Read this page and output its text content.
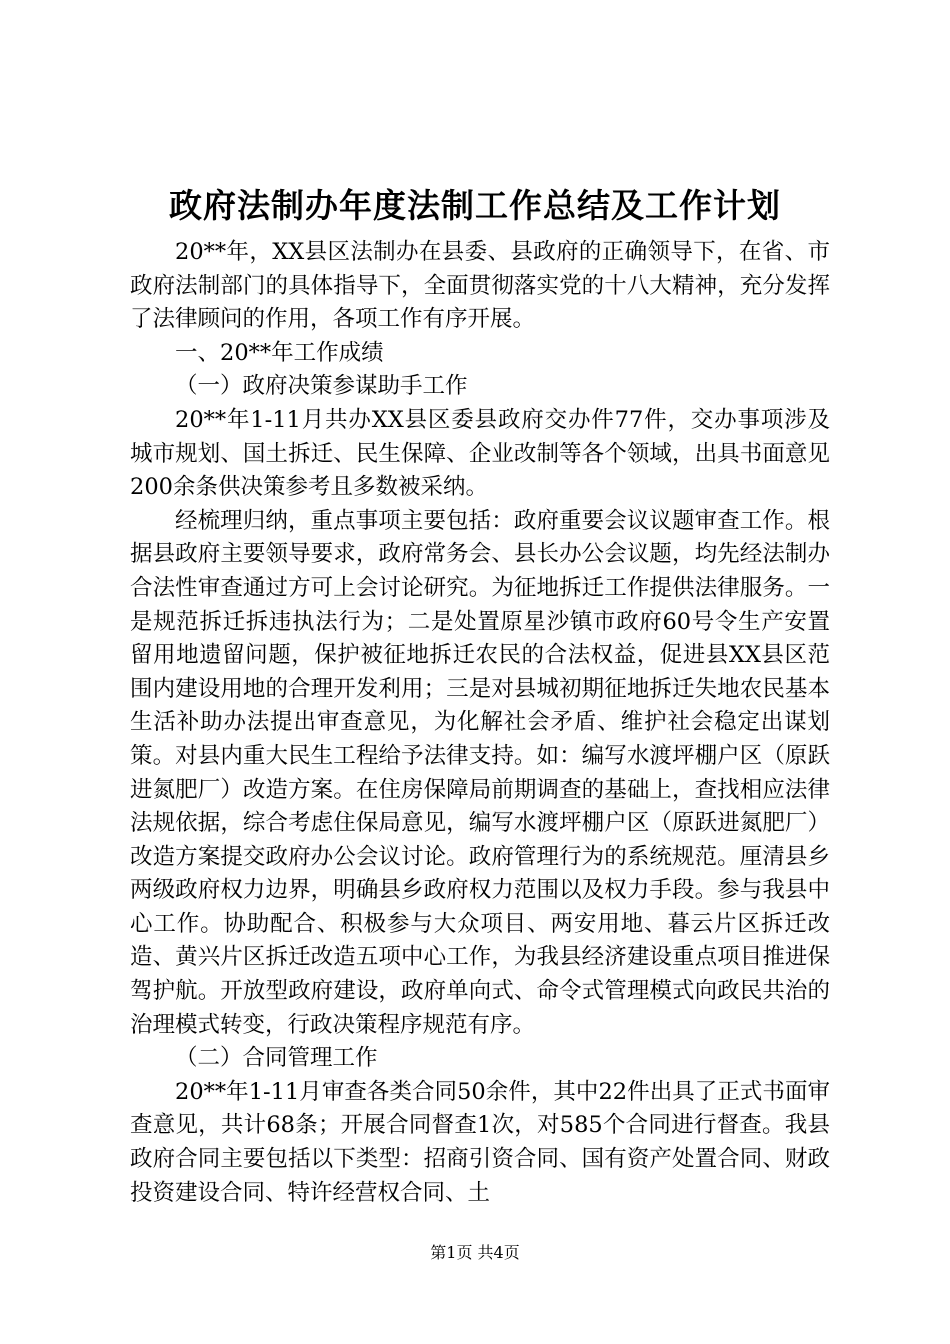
政府法制办年度法制工作总结及工作计划

20**年，XX县区法制办在县委、县政府的正确领导下，在省、市政府法制部门的具体指导下，全面贯彻落实党的十八大精神，充分发挥了法律顾问的作用，各项工作有序开展。

一、20**年工作成绩

（一）政府决策参谋助手工作

20**年1-11月共办XX县区委县政府交办件77件，交办事项涉及城市规划、国土拆迁、民生保障、企业改制等各个领域，出具书面意见200余条供决策参考且多数被采纳。

经梳理归纳，重点事项主要包括：政府重要会议议题审查工作。根据县政府主要领导要求，政府常务会、县长办公会议题，均先经法制办合法性审查通过方可上会讨论研究。为征地拆迁工作提供法律服务。一是规范拆迁拆违执法行为；二是处置原星沙镇市政府60号令生产安置留用地遗留问题，保护被征地拆迁农民的合法权益，促进县XX县区范围内建设用地的合理开发利用；三是对县城初期征地拆迁失地农民基本生活补助办法提出审查意见，为化解社会矛盾、维护社会稳定出谋划策。对县内重大民生工程给予法律支持。如：编写水渡坪棚户区（原跃进氮肥厂）改造方案。在住房保障局前期调查的基础上，查找相应法律法规依据，综合考虑住保局意见，编写水渡坪棚户区（原跃进氮肥厂）改造方案提交政府办公会议讨论。政府管理行为的系统规范。厘清县乡两级政府权力边界，明确县乡政府权力范围以及权力手段。参与我县中心工作。协助配合、积极参与大众项目、两安用地、暮云片区拆迁改造、黄兴片区拆迁改造五项中心工作，为我县经济建设重点项目推进保驾护航。开放型政府建设，政府单向式、命令式管理模式向政民共治的治理模式转变，行政决策程序规范有序。

（二）合同管理工作

20**年1-11月审查各类合同50余件，其中22件出具了正式书面审查意见，共计68条；开展合同督查1次，对585个合同进行督查。我县政府合同主要包括以下类型：招商引资合同、国有资产处置合同、财政投资建设合同、特许经营权合同、土

第1页 共4页
